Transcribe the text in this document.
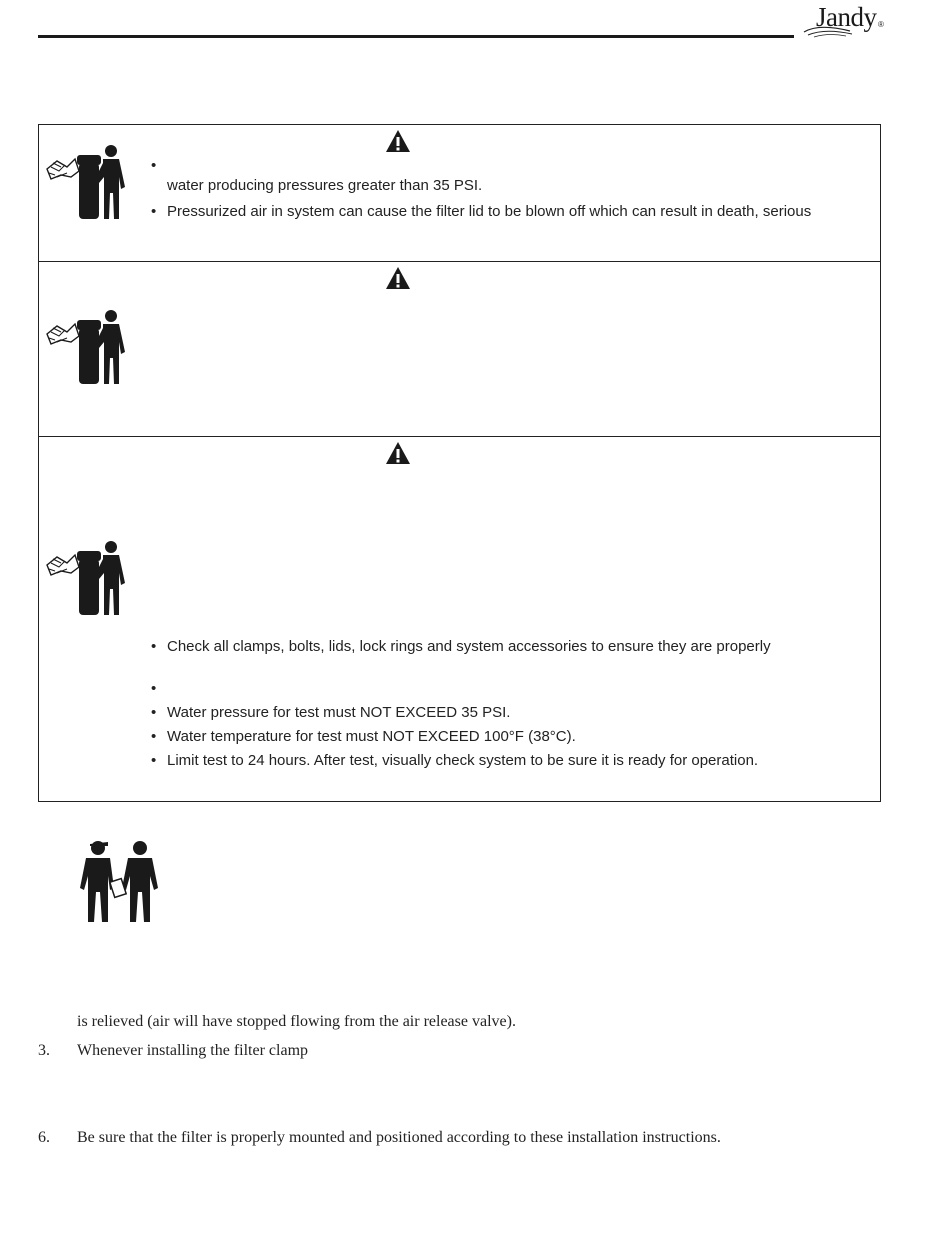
Jandy ®
•
water producing pressures greater than 35 PSI.
• Pressurized air in system can cause the filter lid to be blown off which can result in death, serious
• Check all clamps, bolts, lids, lock rings and system accessories to ensure they are properly
•
• Water pressure for test must NOT EXCEED 35 PSI.
• Water temperature for test must NOT EXCEED 100°F (38°C).
• Limit test to 24 hours. After test, visually check system to be sure it is ready for operation.
is relieved (air will have stopped flowing from the air release valve).
3. Whenever installing the filter clamp
6. Be sure that the filter is properly mounted and positioned according to these installation instructions.
